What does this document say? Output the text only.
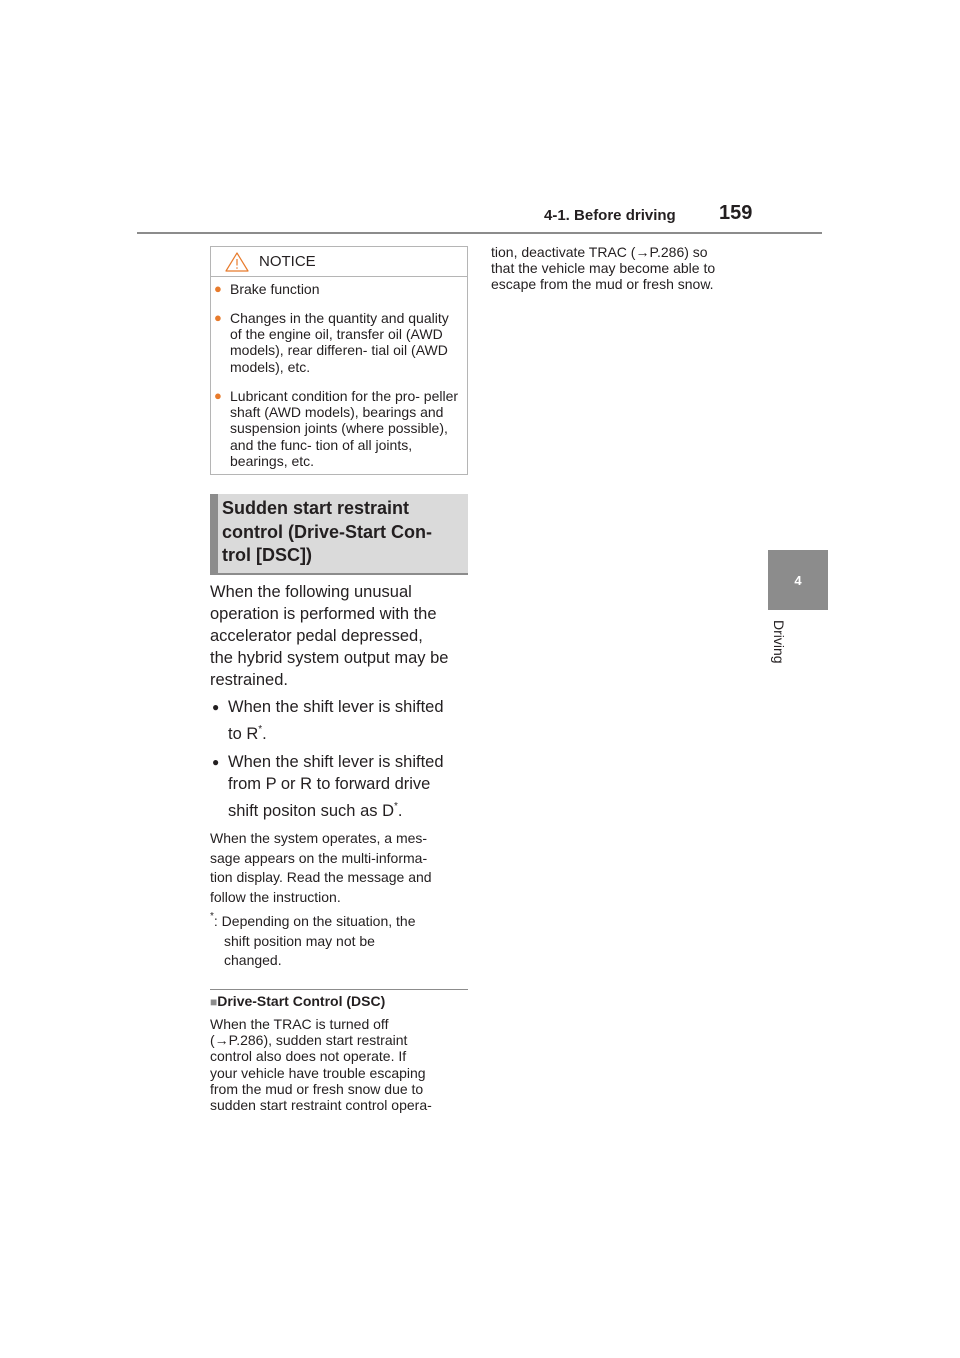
4-1. Before driving 159
4
Driving
NOTICE
● Brake function
● Changes in the quantity and quality of the engine oil, transfer oil (AWD models), rear differen- tial oil (AWD models), etc.
● Lubricant condition for the pro- peller shaft (AWD models), bearings and suspension joints (where possible), and the func- tion of all joints, bearings, etc.
Sudden start restraint
control (Drive-Start Con-
trol [DSC])
When the following unusual
operation is performed with the
accelerator pedal depressed,
the hybrid system output may be
restrained.
● When the shift lever is shifted
to R*.
● When the shift lever is shifted
from P or R to forward drive
shift positon such as D*.
When the system operates, a mes-
sage appears on the multi-informa-
tion display. Read the message and
follow the instruction.
*: Depending on the situation, the
shift position may not be
changed.
■Drive-Start Control (DSC)
When the TRAC is turned off
(→P.286), sudden start restraint
control also does not operate. If
your vehicle have trouble escaping
from the mud or fresh snow due to
sudden start restraint control opera-
tion, deactivate TRAC (→P.286) so
that the vehicle may become able to
escape from the mud or fresh snow.
